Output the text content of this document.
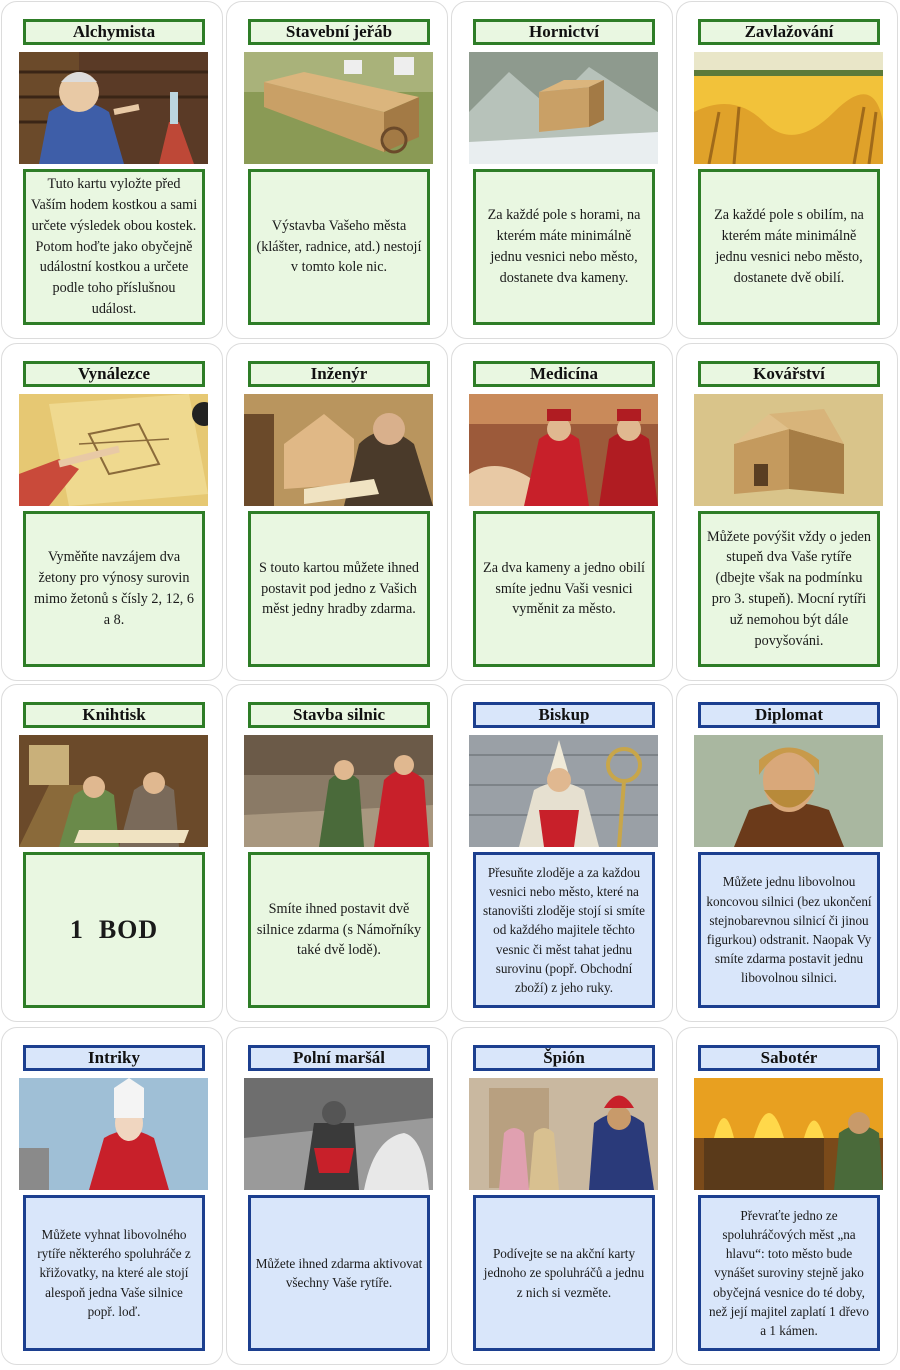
Alchymista
Tuto kartu vyložte před Vaším hodem kostkou a sami určete výsledek obou kostek. Potom hoďte jako obyčejně událostní kostkou a určete podle toho příslušnou událost.
Stavební jeřáb
Výstavba Vašeho města (klášter, radnice, atd.) nestojí v tomto kole nic.
Hornictví
Za každé pole s horami, na kterém máte minimálně jednu vesnici nebo město, dostanete dva kameny.
Zavlažování
Za každé pole s obilím, na kterém máte minimálně jednu vesnici nebo město, dostanete dvě obilí.
Vynálezce
Vyměňte navzájem dva žetony pro výnosy surovin mimo žetonů s čísly 2, 12, 6 a 8.
Inženýr
S touto kartou můžete ihned postavit pod jedno z Vašich měst jedny hradby zdarma.
Medicína
Za dva kameny a jedno obilí smíte jednu Vaši vesnici vyměnit za město.
Kovářství
Můžete povýšit vždy o jeden stupeň dva Vaše rytíře (dbejte však na podmínku pro 3. stupeň). Mocní rytíři už nemohou být dále povyšováni.
Knihtisk
1  BOD
Stavba silnic
Smíte ihned postavit dvě silnice zdarma (s Námořníky také dvě lodě).
Biskup
Přesuňte zloděje a za každou vesnici nebo město, které na stanovišti zloděje stojí si smíte od každého majitele těchto vesnic či měst tahat jednu surovinu (popř. Obchodní zboží) z jeho ruky.
Diplomat
Můžete jednu libovolnou koncovou silnici (bez ukončení stejnobarevnou silnicí či jinou figurkou) odstranit. Naopak Vy smíte zdarma postavit jednu libovolnou silnici.
Intriky
Můžete vyhnat libovolného rytíře některého spoluhráče z křižovatky, na které ale stojí alespoň jedna Vaše silnice popř. loď.
Polní maršál
Můžete ihned zdarma aktivovat všechny Vaše rytíře.
Špión
Podívejte se na akční karty jednoho ze spoluhráčů a jednu z nich si vezměte.
Sabotér
Převraťte jedno ze spoluhráčových měst „na hlavu“: toto město bude vynášet suroviny stejně jako obyčejná vesnice do té doby, než její majitel zaplatí 1 dřevo a 1 kámen.
